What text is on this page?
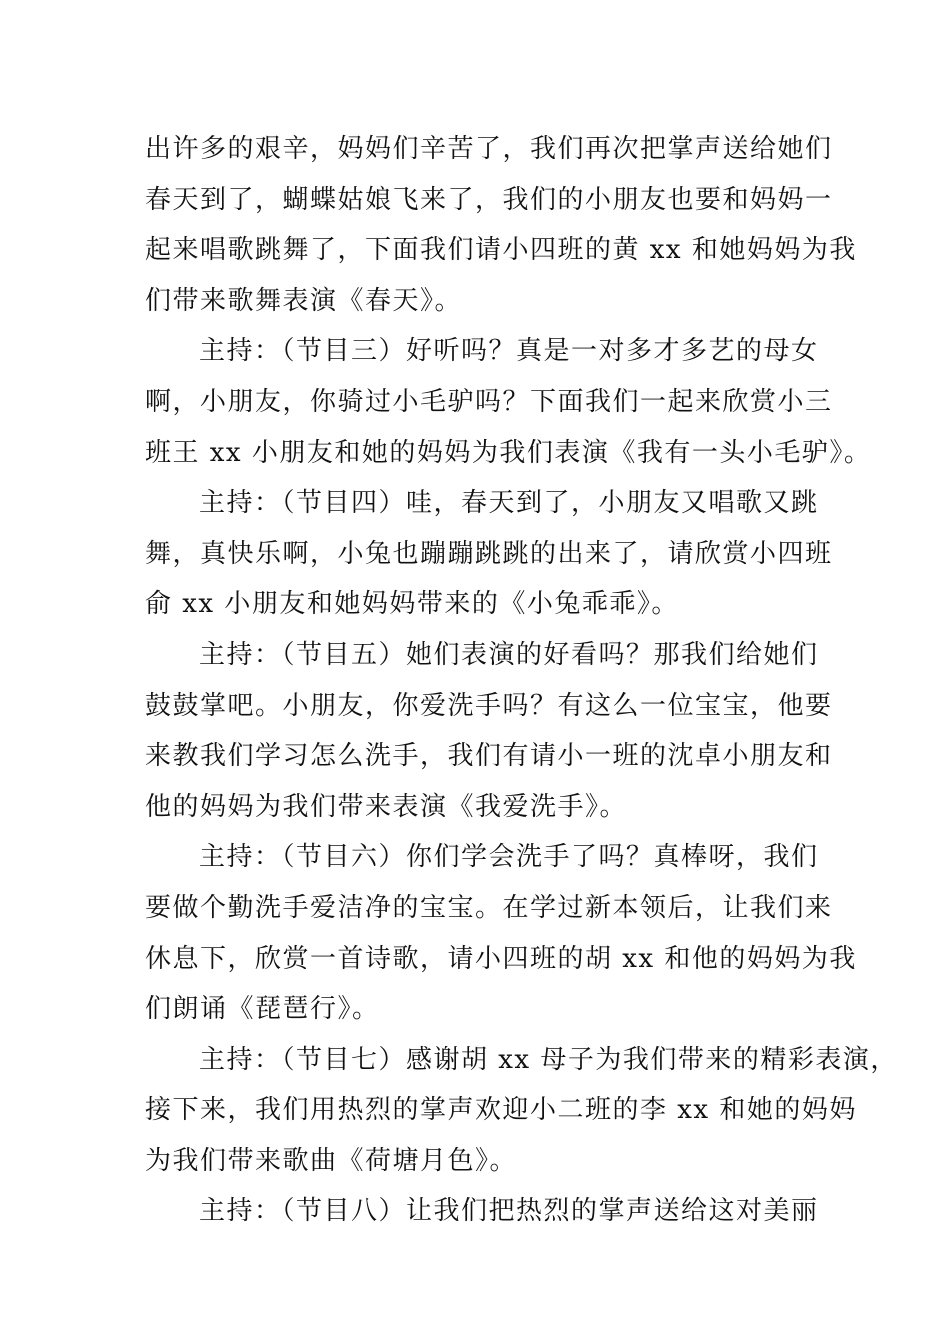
出许多的艰辛，妈妈们辛苦了，我们再次把掌声送给她们
春天到了，蝴蝶姑娘飞来了，我们的小朋友也要和妈妈一
起来唱歌跳舞了，下面我们请小四班的黄 xx 和她妈妈为我
们带来歌舞表演《春天》。
主持：（节目三）好听吗？真是一对多才多艺的母女
啊，小朋友，你骑过小毛驴吗？下面我们一起来欣赏小三
班王 xx 小朋友和她的妈妈为我们表演《我有一头小毛驴》。
主持：（节目四）哇，春天到了，小朋友又唱歌又跳
舞，真快乐啊，小兔也蹦蹦跳跳的出来了，请欣赏小四班
俞 xx 小朋友和她妈妈带来的《小兔乖乖》。
主持：（节目五）她们表演的好看吗？那我们给她们
鼓鼓掌吧。小朋友，你爱洗手吗？有这么一位宝宝，他要
来教我们学习怎么洗手，我们有请小一班的沈卓小朋友和
他的妈妈为我们带来表演《我爱洗手》。
主持：（节目六）你们学会洗手了吗？真棒呀，我们
要做个勤洗手爱洁净的宝宝。在学过新本领后，让我们来
休息下，欣赏一首诗歌，请小四班的胡 xx 和他的妈妈为我
们朗诵《琵琶行》。
主持：（节目七）感谢胡 xx 母子为我们带来的精彩表演，
接下来，我们用热烈的掌声欢迎小二班的李 xx 和她的妈妈
为我们带来歌曲《荷塘月色》。
主持：（节目八）让我们把热烈的掌声送给这对美丽
